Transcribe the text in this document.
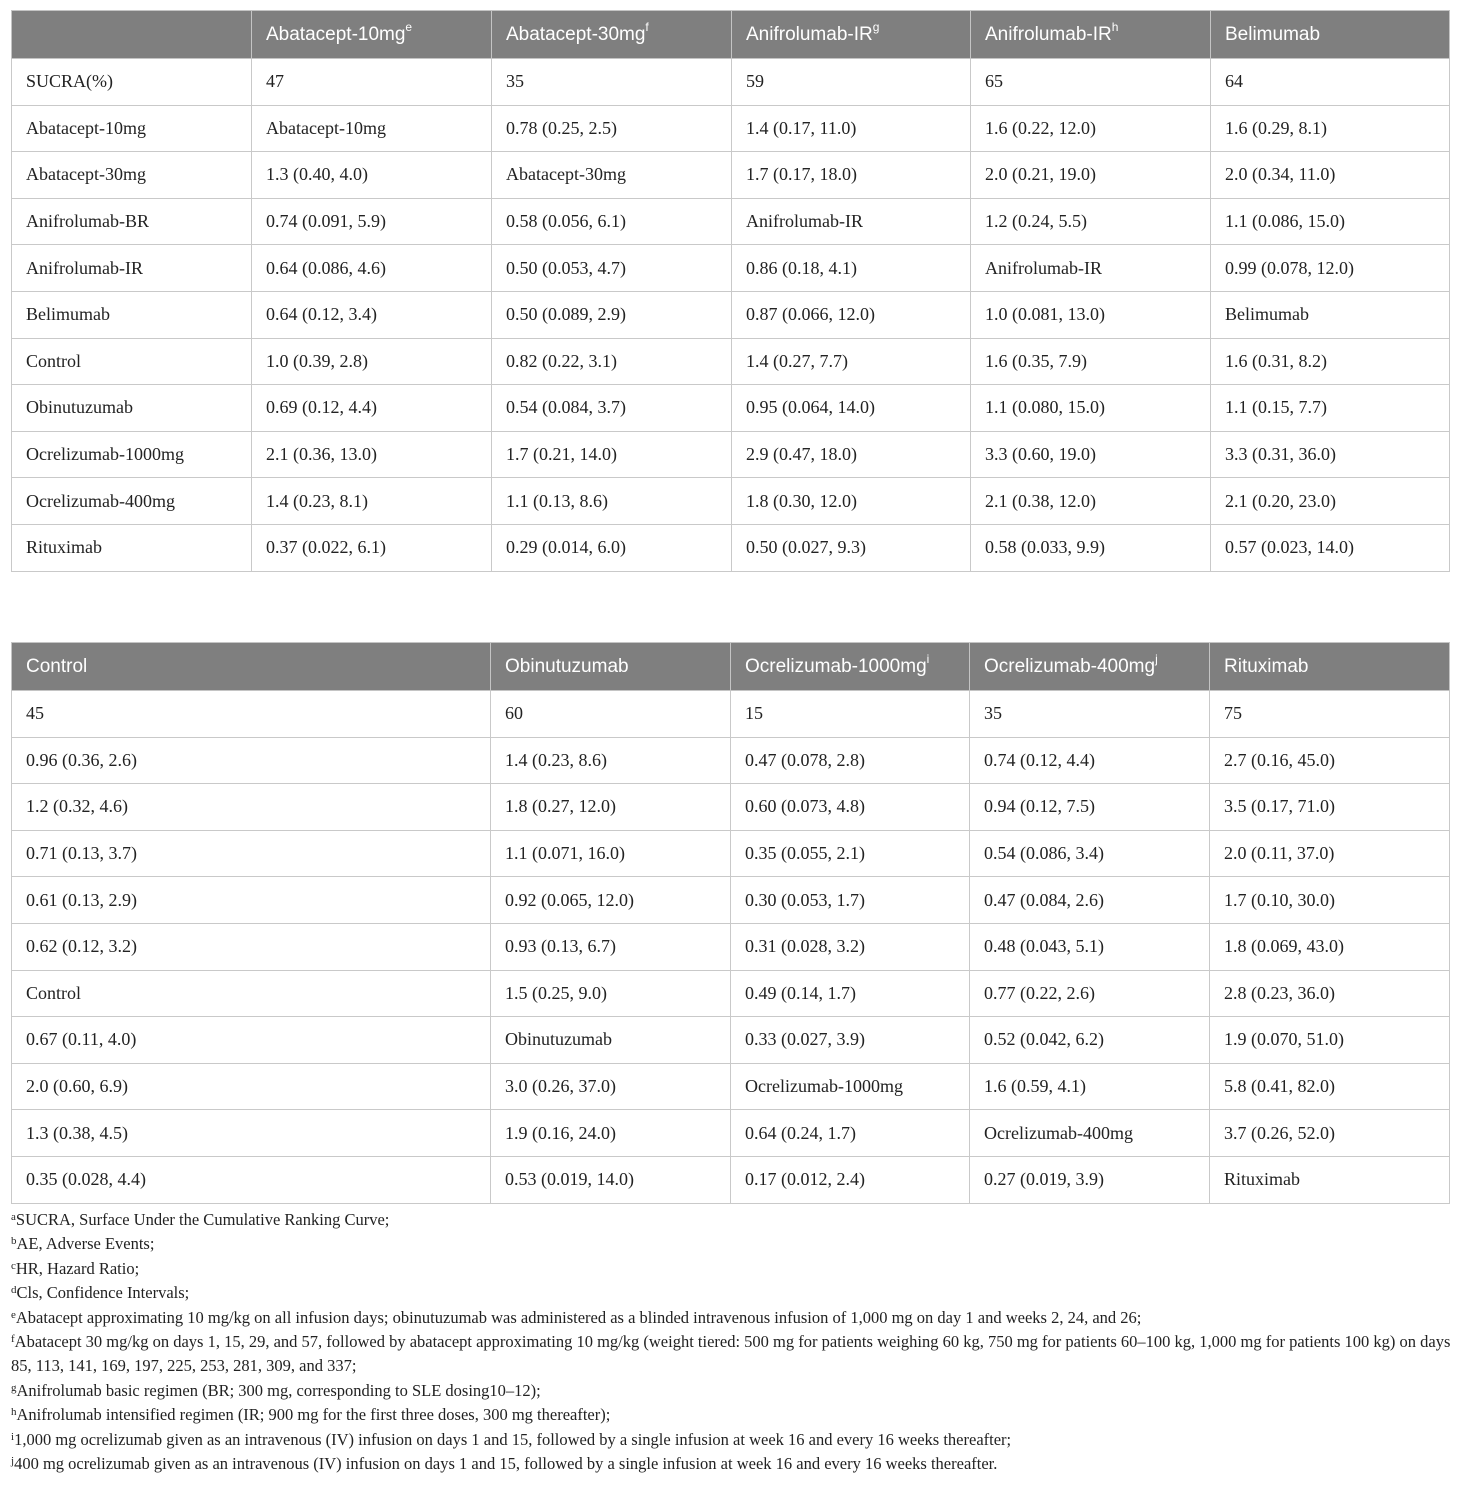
	Abatacept-$10mg^e$	Abatacept-$30mg^f$	Anifrolumab-$IR^g$	Anifrolumab-$IR^h$	Belimumab
SUCRA(%)	47	35	59	65	64
Abatacept-10mg	Abatacept-10mg	0.78 (0.25, 2.5)	1.4 (0.17, 11.0)	1.6 (0.22, 12.0)	1.6 (0.29, 8.1)
Abatacept-30mg	1.3 (0.40, 4.0)	Abatacept-30mg	1.7 (0.17, 18.0)	2.0 (0.21, 19.0)	2.0 (0.34, 11.0)
Anifrolumab-BR	0.74 (0.091, 5.9)	0.58 (0.056, 6.1)	Anifrolumab-IR	1.2 (0.24, 5.5)	1.1 (0.086, 15.0)
Anifrolumab-IR	0.64 (0.086, 4.6)	0.50 (0.053, 4.7)	0.86 (0.18, 4.1)	Anifrolumab-IR	0.99 (0.078, 12.0)
Belimumab	0.64 (0.12, 3.4)	0.50 (0.089, 2.9)	0.87 (0.066, 12.0)	1.0 (0.081, 13.0)	Belimumab
Control	1.0 (0.39, 2.8)	0.82 (0.22, 3.1)	1.4 (0.27, 7.7)	1.6 (0.35, 7.9)	1.6 (0.31, 8.2)
Obinutuzumab	0.69 (0.12, 4.4)	0.54 (0.084, 3.7)	0.95 (0.064, 14.0)	1.1 (0.080, 15.0)	1.1 (0.15, 7.7)
Ocrelizumab-1000mg	2.1 (0.36, 13.0)	1.7 (0.21, 14.0)	2.9 (0.47, 18.0)	3.3 (0.60, 19.0)	3.3 (0.31, 36.0)
Ocrelizumab-400mg	1.4 (0.23, 8.1)	1.1 (0.13, 8.6)	1.8 (0.30, 12.0)	2.1 (0.38, 12.0)	2.1 (0.20, 23.0)
Rituximab	0.37 (0.022, 6.1)	0.29 (0.014, 6.0)	0.50 (0.027, 9.3)	0.58 (0.033, 9.9)	0.57 (0.023, 14.0)
Control	Obinutuzumab	Ocrelizumab-$1000mg^i$	Ocrelizumab-$400mg^j$	Rituximab
45	60	15	35	75
0.96 (0.36, 2.6)	1.4 (0.23, 8.6)	0.47 (0.078, 2.8)	0.74 (0.12, 4.4)	2.7 (0.16, 45.0)
1.2 (0.32, 4.6)	1.8 (0.27, 12.0)	0.60 (0.073, 4.8)	0.94 (0.12, 7.5)	3.5 (0.17, 71.0)
0.71 (0.13, 3.7)	1.1 (0.071, 16.0)	0.35 (0.055, 2.1)	0.54 (0.086, 3.4)	2.0 (0.11, 37.0)
0.61 (0.13, 2.9)	0.92 (0.065, 12.0)	0.30 (0.053, 1.7)	0.47 (0.084, 2.6)	1.7 (0.10, 30.0)
0.62 (0.12, 3.2)	0.93 (0.13, 6.7)	0.31 (0.028, 3.2)	0.48 (0.043, 5.1)	1.8 (0.069, 43.0)
Control	1.5 (0.25, 9.0)	0.49 (0.14, 1.7)	0.77 (0.22, 2.6)	2.8 (0.23, 36.0)
0.67 (0.11, 4.0)	Obinutuzumab	0.33 (0.027, 3.9)	0.52 (0.042, 6.2)	1.9 (0.070, 51.0)
2.0 (0.60, 6.9)	3.0 (0.26, 37.0)	Ocrelizumab-1000mg	1.6 (0.59, 4.1)	5.8 (0.41, 82.0)
1.3 (0.38, 4.5)	1.9 (0.16, 24.0)	0.64 (0.24, 1.7)	Ocrelizumab-400mg	3.7 (0.26, 52.0)
0.35 (0.028, 4.4)	0.53 (0.019, 14.0)	0.17 (0.012, 2.4)	0.27 (0.019, 3.9)	Rituximab

$^a$SUCRA, Surface Under the Cumulative Ranking Curve;

$^b$AE, Adverse Events;

$^c$HR, Hazard Ratio;

$^d$Cls, Confidence Intervals;

$^e$Abatacept approximating 10 mg/kg on all infusion days; obinutuzumab was administered as a blinded intravenous infusion of 1,000 mg on day 1 and weeks 2, 24, and 26;

$^f$Abatacept 30 mg/kg on days 1, 15, 29, and 57, followed by abatacept approximating 10 mg/kg (weight tiered: 500 mg for patients weighing 60 kg, 750 mg for patients 60–100 kg, 1,000 mg for patients 100 kg) on days 85, 113, 141, 169, 197, 225, 253, 281, 309, and 337;

$^g$Anifrolumab basic regimen (BR; 300 mg, corresponding to SLE dosing10–12);

$^h$Anifrolumab intensified regimen (IR; 900 mg for the first three doses, 300 mg thereafter);

$^i$1,000 mg ocrelizumab given as an intravenous (IV) infusion on days 1 and 15, followed by a single infusion at week 16 and every 16 weeks thereafter;

$^j$400 mg ocrelizumab given as an intravenous (IV) infusion on days 1 and 15, followed by a single infusion at week 16 and every 16 weeks thereafter.
